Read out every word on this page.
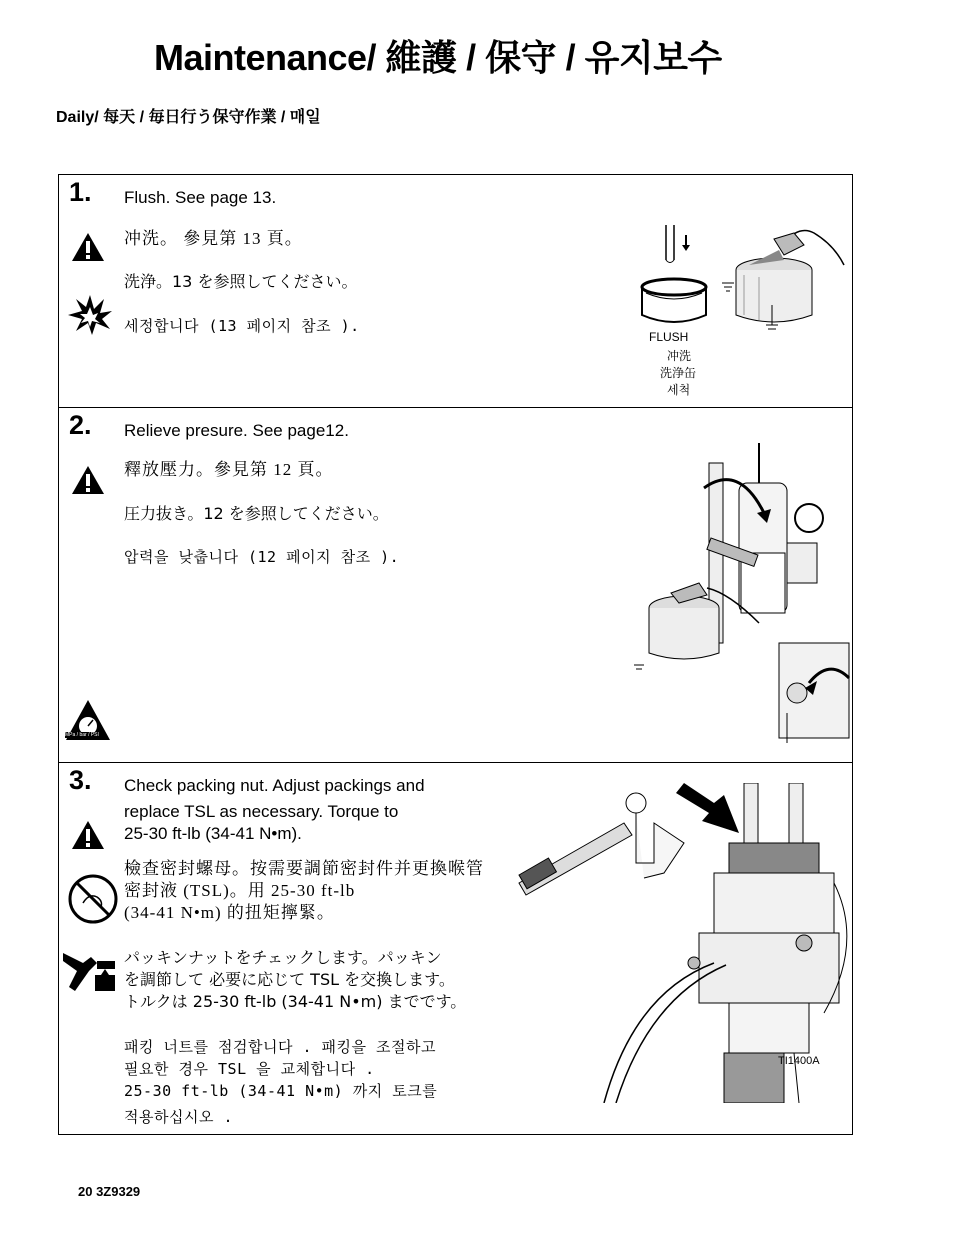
Maintenance/ 維護 / 保守 / 유지보수
Daily/ 每天 / 毎日行う保守作業 / 매일
1. Flush. See page 13.
冲洗。 參見第 13 頁。
洗浄。13 を参照してください。
세정합니다 (13 페이지 참조 ).
FLUSH
冲洗
洗浄缶
세척
2. Relieve presure. See page12.
釋放壓力。參見第 12 頁。
圧力抜き。12 を参照してください。
압력을 낮춥니다 (12 페이지 참조 ).
MPa / bar / PSI
3. Check packing nut. Adjust packings and
replace TSL as necessary. Torque to
25-30 ft-lb (34-41 N•m).
檢查密封螺母。按需要調節密封件并更換喉管
密封液 (TSL)。用 25-30 ft-lb
(34-41 N•m) 的扭矩擰緊。
パッキンナットをチェックします。パッキン
を調節して 必要に応じて TSL を交換します。
トルクは 25-30 ft-lb (34-41 N•m) までです。
패킹 너트를 점검합니다 . 패킹을 조절하고
필요한 경우 TSL 을 교체합니다 .
25-30 ft-lb (34-41 N•m) 까지 토크를
적용하십시오 .
TI1400A
20 3Z9329
